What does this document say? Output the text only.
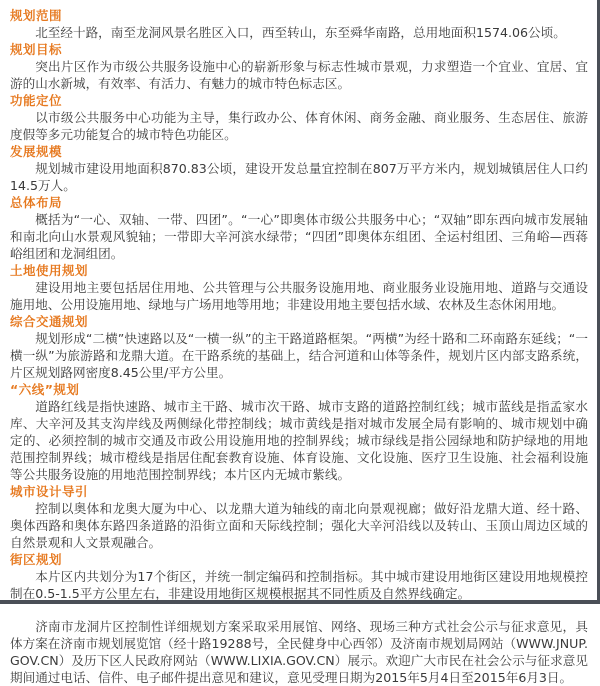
规划范围

北至经十路，南至龙洞风景名胜区入口，西至转山，东至舜华南路，总用地面积1574.06公顷。

规划目标

突出片区作为市级公共服务设施中心的崭新形象与标志性城市景观，力求塑造一个宜业、宜居、宜游的山水新城，有效率、有活力、有魅力的城市特色标志区。

功能定位

以市级公共服务中心功能为主导，集行政办公、体育休闲、商务金融、商业服务、生态居住、旅游度假等多元功能复合的城市特色功能区。

发展规模

规划城市建设用地面积870.83公顷，建设开发总量宜控制在807万平方米内，规划城镇居住人口约14.5万人。

总体布局

概括为“一心、双轴、一带、四团”。“一心”即奥体市级公共服务中心；“双轴”即东西向城市发展轴和南北向山水景观风貌轴；一带即大辛河滨水绿带；“四团”即奥体东组团、全运村组团、三角峪—西蒋峪组团和龙洞组团。

土地使用规划

建设用地主要包括居住用地、公共管理与公共服务设施用地、商业服务业设施用地、道路与交通设施用地、公用设施用地、绿地与广场用地等用地；非建设用地主要包括水域、农林及生态休闲用地。

综合交通规划

规划形成“二横”快速路以及“一横一纵”的主干路道路框架。“两横”为经十路和二环南路东延线；“一横一纵”为旅游路和龙鼎大道。在干路系统的基础上，结合河道和山体等条件，规划片区内部支路系统，片区规划路网密度8.45公里/平方公里。

“六线”规划

道路红线是指快速路、城市主干路、城市次干路、城市支路的道路控制红线；城市蓝线是指孟家水库、大辛河及其支沟岸线及两侧绿化带控制线；城市黄线是指对城市发展全局有影响的、城市规划中确定的、必须控制的城市交通及市政公用设施用地的控制界线；城市绿线是指公园绿地和防护绿地的用地范围控制界线；城市橙线是指居住配套教育设施、体育设施、文化设施、医疗卫生设施、社会福利设施等公共服务设施的用地范围控制界线；本片区内无城市紫线。

城市设计导引

控制以奥体和龙奥大厦为中心、以龙鼎大道为轴线的南北向景观视廊；做好沿龙鼎大道、经十路、奥体西路和奥体东路四条道路的沿街立面和天际线控制；强化大辛河沿线以及转山、玉顶山周边区域的自然景观和人文景观融合。

街区规划

本片区内共划分为17个街区，并统一制定编码和控制指标。其中城市建设用地街区建设用地规模控制在0.5-1.5平方公里左右，非建设用地街区规模根据其不同性质及自然界线确定。

济南市龙洞片区控制性详细规划方案采取采用展馆、网络、现场三种方式社会公示与征求意见，具体方案在济南市规划展览馆（经十路19288号，全民健身中心西邻）及济南市规划局网站（WWW.JNUP.GOV.CN）及历下区人民政府网站（WWW.LIXIA.GOV.CN）展示。欢迎广大市民在社会公示与征求意见期间通过电话、信件、电子邮件提出意见和建议，意见受理日期为2015年5月4日至2015年6月3日。
